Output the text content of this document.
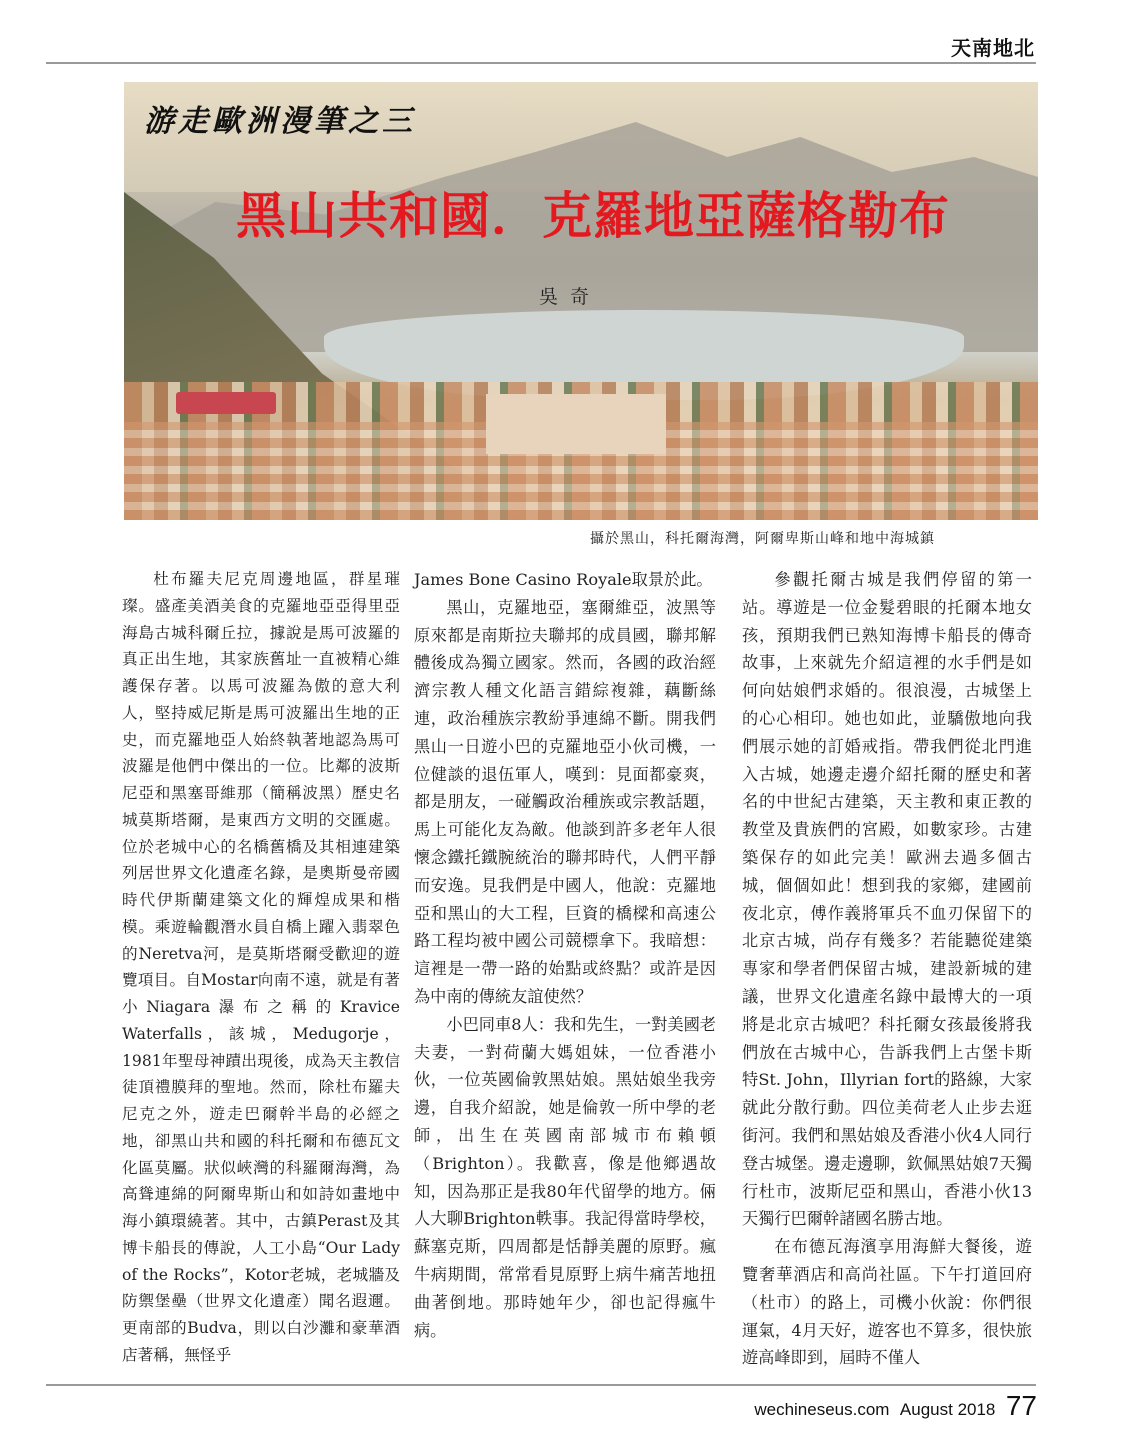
天南地北
游走歐洲漫筆之三
黑山共和國．克羅地亞薩格勒布
吳奇
攝於黑山，科托爾海灣，阿爾卑斯山峰和地中海城鎮

杜布羅夫尼克周邊地區，群星璀璨。盛產美酒美食的克羅地亞亞得里亞海島古城科爾丘拉，據說是馬可波羅的真正出生地，其家族舊址一直被精心維護保存著。以馬可波羅為傲的意大利人，堅持威尼斯是馬可波羅出生地的正史，而克羅地亞人始終執著地認為馬可波羅是他們中傑出的一位。比鄰的波斯尼亞和黑塞哥維那（簡稱波黑）歷史名城莫斯塔爾，是東西方文明的交匯處。位於老城中心的名橋舊橋及其相連建築列居世界文化遺產名錄，是奧斯曼帝國時代伊斯蘭建築文化的輝煌成果和楷模。乘遊輪觀潛水員自橋上躍入翡翠色的Neretva河，是莫斯塔爾受歡迎的遊覽項目。自Mostar向南不遠，就是有著小Niagara瀑布之稱的Kravice Waterfalls，該城，Medugorje，1981年聖母神蹟出現後，成為天主教信徒頂禮膜拜的聖地。然而，除杜布羅夫尼克之外，遊走巴爾幹半島的必經之地，卻黑山共和國的科托爾和布德瓦文化區莫屬。狀似峽灣的科羅爾海灣，為高聳連綿的阿爾卑斯山和如詩如畫地中海小鎮環繞著。其中，古鎮Perast及其博卡船長的傳說，人工小島“Our Lady of the Rocks”，Kotor老城，老城牆及防禦堡壘（世界文化遺產）聞名遐邇。更南部的Budva，則以白沙灘和豪華酒店著稱，無怪乎

James Bone Casino Royale取景於此。

黑山，克羅地亞，塞爾維亞，波黑等原來都是南斯拉夫聯邦的成員國，聯邦解體後成為獨立國家。然而，各國的政治經濟宗教人種文化語言錯綜複雜，藕斷絲連，政治種族宗教紛爭連綿不斷。開我們黑山一日遊小巴的克羅地亞小伙司機，一位健談的退伍軍人，嘆到：見面都豪爽，都是朋友，一碰觸政治種族或宗教話題，馬上可能化友為敵。他談到許多老年人很懷念鐵托鐵腕統治的聯邦時代，人們平靜而安逸。見我們是中國人，他說：克羅地亞和黑山的大工程，巨資的橋樑和高速公路工程均被中國公司競標拿下。我暗想：這裡是一帶一路的始點或終點？或許是因為中南的傳統友誼使然？

小巴同車8人：我和先生，一對美國老夫妻，一對荷蘭大媽姐妹，一位香港小伙，一位英國倫敦黑姑娘。黑姑娘坐我旁邊，自我介紹說，她是倫敦一所中學的老師，出生在英國南部城市布賴頓（Brighton）。我歡喜，像是他鄉遇故知，因為那正是我80年代留學的地方。倆人大聊Brighton軼事。我記得當時學校，蘇塞克斯，四周都是恬靜美麗的原野。瘋牛病期間，常常看見原野上病牛痛苦地扭曲著倒地。那時她年少，卻也記得瘋牛病。

參觀托爾古城是我們停留的第一站。導遊是一位金髮碧眼的托爾本地女孩，預期我們已熟知海博卡船長的傳奇故事，上來就先介紹這裡的水手們是如何向姑娘們求婚的。很浪漫，古城堡上的心心相印。她也如此，並驕傲地向我們展示她的訂婚戒指。帶我們從北門進入古城，她邊走邊介紹托爾的歷史和著名的中世紀古建築，天主教和東正教的教堂及貴族們的宮殿，如數家珍。古建築保存的如此完美！歐洲去過多個古城，個個如此！想到我的家鄉，建國前夜北京，傅作義將軍兵不血刃保留下的北京古城，尚存有幾多？若能聽從建築專家和學者們保留古城，建設新城的建議，世界文化遺產名錄中最博大的一項將是北京古城吧？科托爾女孩最後將我們放在古城中心，告訴我們上古堡卡斯特St. John，Illyrian fort的路線，大家就此分散行動。四位美荷老人止步去逛街河。我們和黑姑娘及香港小伙4人同行登古城堡。邊走邊聊，欽佩黑姑娘7天獨行杜市，波斯尼亞和黑山，香港小伙13天獨行巴爾幹諸國名勝古地。

在布德瓦海濱享用海鮮大餐後，遊覽奢華酒店和高尚社區。下午打道回府（杜市）的路上，司機小伙說：你們很運氣，4月天好，遊客也不算多，很快旅遊高峰即到，屆時不僅人

wechineseus.com August 2018 77
